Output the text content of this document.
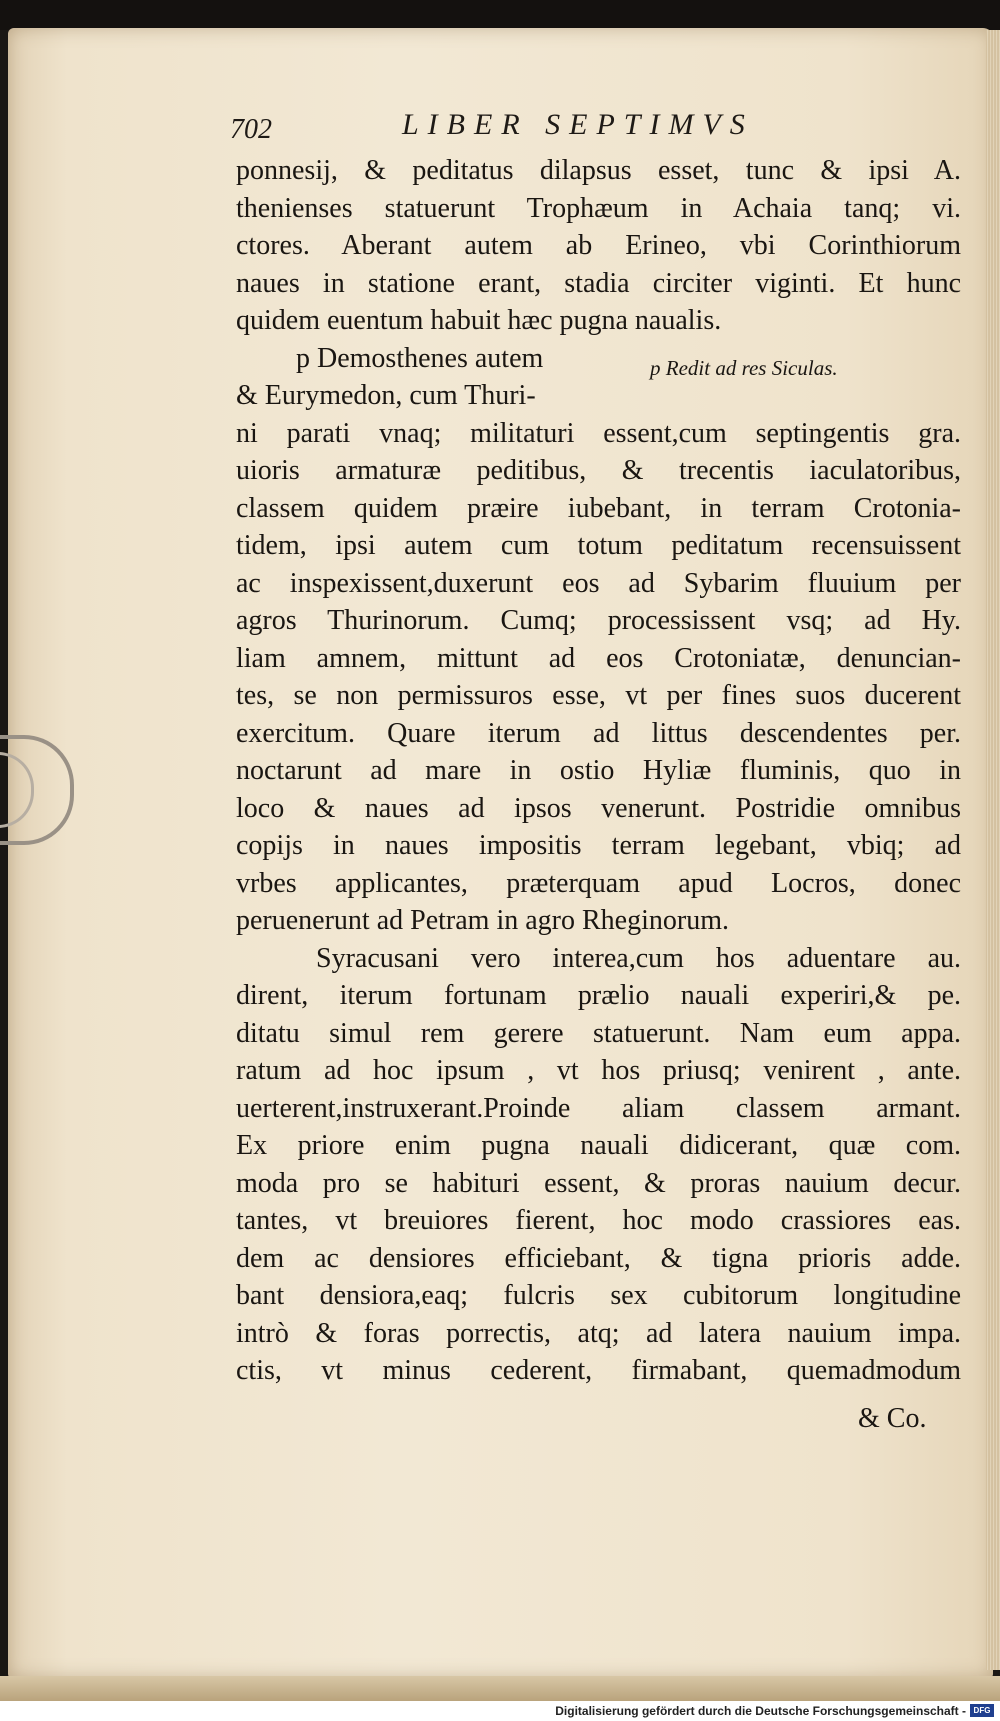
702	LIBER SEPTIMVS
ponnesij, & peditatus dilapsus esset, tunc & ipsi A.
thenienses statuerunt Trophæum in Achaia tanq; vi.
ctores. Aberant autem ab Erineo, vbi Corinthiorum
naues in statione erant, stadia circiter viginti. Et hunc
quidem euentum habuit hæc pugna naualis.
p Demosthenes autem
& Eurymedon, cum Thuri-
ni parati vnaq; militaturi essent,cum septingentis gra.
uioris armaturæ peditibus, & trecentis iaculatoribus,
classem quidem præire iubebant, in terram Crotonia-
tidem, ipsi autem cum totum peditatum recensuissent
ac inspexissent,duxerunt eos ad Sybarim fluuium per
agros Thurinorum. Cumq; processissent vsq; ad Hy.
liam amnem, mittunt ad eos Crotoniatæ, denuncian-
tes, se non permissuros esse, vt per fines suos ducerent
exercitum. Quare iterum ad littus descendentes per.
noctarunt ad mare in ostio Hyliæ fluminis, quo in
loco & naues ad ipsos venerunt. Postridie omnibus
copijs in naues impositis terram legebant, vbiq; ad
vrbes applicantes, præterquam apud Locros, donec
peruenerunt ad Petram in agro Rheginorum.
Syracusani vero interea,cum hos aduentare au.
dirent, iterum fortunam prælio nauali experiri,& pe.
ditatu simul rem gerere statuerunt. Nam eum appa.
ratum ad hoc ipsum , vt hos priusq; venirent , ante.
uerterent,instruxerant.Proinde aliam classem armant.
Ex priore enim pugna nauali didicerant, quæ com.
moda pro se habituri essent, & proras nauium decur.
tantes, vt breuiores fierent, hoc modo crassiores eas.
dem ac densiores efficiebant, & tigna prioris adde.
bant densiora,eaq; fulcris sex cubitorum longitudine
intrò & foras porrectis, atq; ad latera nauium impa.
ctis, vt minus cederent, firmabant, quemadmodum
p Redit ad res Siculas.
& Co.
Digitalisierung gefördert durch die Deutsche Forschungsgemeinschaft - DFG
